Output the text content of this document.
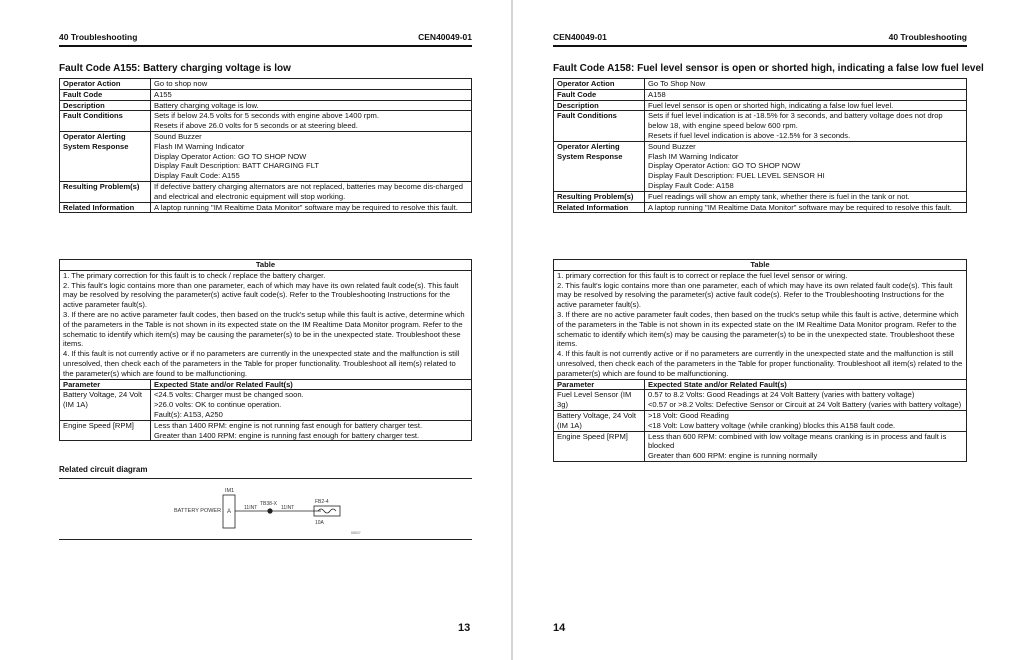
40 Troubleshooting	CEN40049-01
Fault Code A155: Battery charging voltage is low
Operator Action	Go to shop now

Fault Code	A155

Description	Battery charging voltage is low.

Fault Conditions	Sets if below 24.5 volts for 5 seconds with engine above 1400 rpm.
Resets if above 26.0 volts for 5 seconds or at steering bleed.

Operator Alerting System Response	Sound Buzzer
Flash IM Warning Indicator
Display Operator Action: GO TO SHOP NOW
Display Fault Description: BATT CHARGING FLT
Display Fault Code: A155

Resulting Problem(s)	If defective battery charging alternators are not replaced, batteries may become dis-charged and electrical and electronic equipment will stop working.

Related Information	A laptop running "IM Realtime Data Monitor" software may be required to resolve this fault.
Table	

1. The primary correction for this fault is to check / replace the battery charger.
2. This fault's logic contains more than one parameter, each of which may have its own related fault code(s). This fault may be resolved by resolving the parameter(s) active fault code(s). Refer to the Troubleshooting Instructions for the active parameter fault(s).
3. If there are no active parameter fault codes, then based on the truck's setup while this fault is active, determine which of the parameters in the Table is not shown in its expected state on the IM Realtime Data Monitor program. Refer to the schematic to identify which item(s) may be causing the parameter(s) to be in the unexpected state. Troubleshoot these items.
4. If this fault is not currently active or if no parameters are currently in the unexpected state and the malfunction is still unresolved, then check each of the parameters in the Table for proper functionality. Troubleshoot all item(s) related to the parameter(s) which are found to be malfunctioning.	

Parameter	Expected State and/or Related Fault(s)
Battery Voltage, 24 Volt (IM 1A)	<24.5 volts: Charger must be changed soon.
>26.0 volts: OK to continue operation.
Fault(s): A153, A250

Engine Speed [RPM]	Less than 1400 RPM: engine is not running fast enough for battery charger test.
Greater than 1400 RPM: engine is running fast enough for battery charger test.
Related circuit diagram
BATTERY POWER
IM1
A
11INT
TB38-X
11INT
FB2-4
10A
88837
13
CEN40049-01	40 Troubleshooting
Fault Code A158: Fuel level sensor is open or shorted high, indicating a false low fuel level
Operator Action	Go To Shop Now

Fault Code	A158

Description	Fuel level sensor is open or shorted high, indicating a false low fuel level.

Fault Conditions	Sets if fuel level indication is at -18.5% for 3 seconds, and battery voltage does not drop below 18, with engine speed below 600 rpm.
Resets if fuel level indication is above -12.5% for 3 seconds.

Operator Alerting System Response	Sound Buzzer
Flash IM Warning Indicator
Display Operator Action: GO TO SHOP NOW
Display Fault Description: FUEL LEVEL SENSOR HI
Display Fault Code: A158

Resulting Problem(s)	Fuel readings will show an empty tank, whether there is fuel in the tank or not.

Related Information	A laptop running "IM Realtime Data Monitor" software may be required to resolve this fault.
Table	

1. primary correction for this fault is to correct or replace the fuel level sensor or wiring.
2. This fault's logic contains more than one parameter, each of which may have its own related fault code(s). This fault may be resolved by resolving the parameter(s) active fault code(s). Refer to the Troubleshooting Instructions for the active parameter fault(s).
3. If there are no active parameter fault codes, then based on the truck's setup while this fault is active, determine which of the parameters in the Table is not shown in its expected state on the IM Realtime Data Monitor program. Refer to the schematic to identify which item(s) may be causing the parameter(s) to be in the unexpected state. Troubleshoot these items.
4. If this fault is not currently active or if no parameters are currently in the unexpected state and the malfunction is still unresolved, then check each of the parameters in the Table for proper functionality. Troubleshoot all item(s) related to the parameter(s) which are found to be malfunctioning.	

Parameter	Expected State and/or Related Fault(s)
Fuel Level Sensor (IM 3g)	0.57 to 8.2 Volts: Good Readings at 24 Volt Battery (varies with battery voltage)
<0.57 or >8.2 Volts: Defective Sensor or Circuit at 24 Volt Battery (varies with battery voltage)

Battery Voltage, 24 Volt (IM 1A)	>18 Volt: Good Reading
<18 Volt: Low battery voltage (while cranking) blocks this A158 fault code.

Engine Speed [RPM]	Less than 600 RPM: combined with low voltage means cranking is in process and fault is blocked
Greater than 600 RPM: engine is running normally
14
